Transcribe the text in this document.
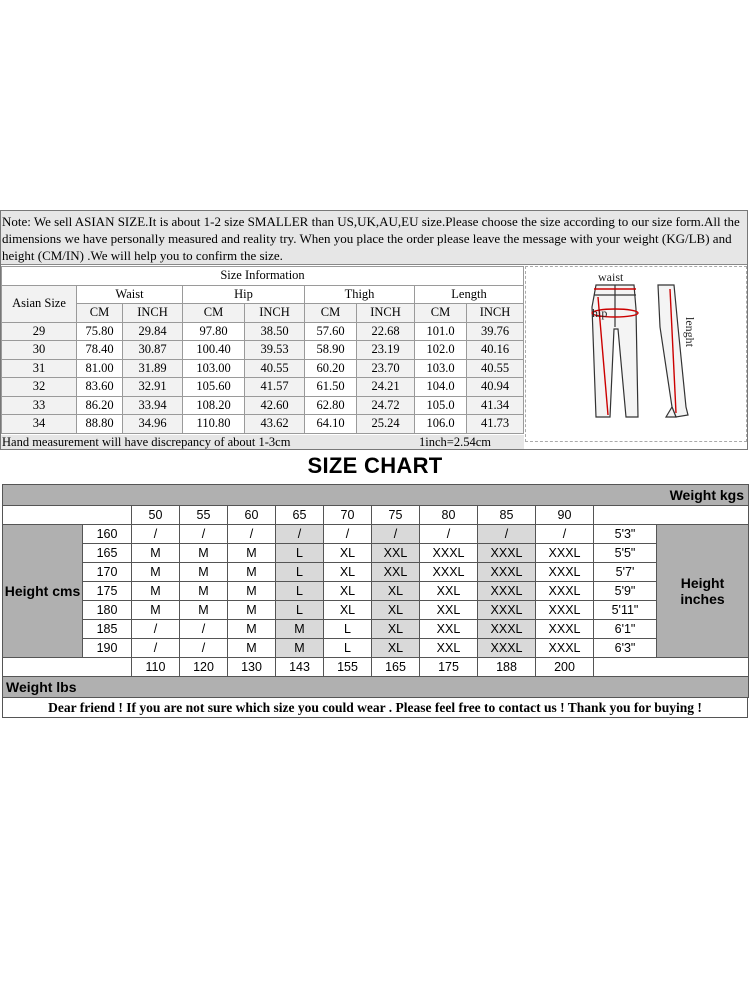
Note: We sell ASIAN SIZE.It is about 1-2 size SMALLER than US,UK,AU,EU size.Please choose the size according to our size form.All the dimensions we have personally measured and reality try. When you place the order please leave the message with your weight (KG/LB) and height (CM/IN) .We will help you to confirm the size.
Size Information								
Asian Size	Waist		Hip		Thigh		Length	
	CM	INCH	CM	INCH	CM	INCH	CM	INCH
29	75.80	29.84	97.80	38.50	57.60	22.68	101.0	39.76
30	78.40	30.87	100.40	39.53	58.90	23.19	102.0	40.16
31	81.00	31.89	103.00	40.55	60.20	23.70	103.0	40.55
32	83.60	32.91	105.60	41.57	61.50	24.21	104.0	40.94
33	86.20	33.94	108.20	42.60	62.80	24.72	105.0	41.34
34	88.80	34.96	110.80	43.62	64.10	25.24	106.0	41.73
Hand measurement will have discrepancy of about 1-3cm	1inch=2.54cm
waist
hip
lenght
SIZE CHART
Weight kgs												
		50	55	60	65	70	75	80	85	90		
Height cms	160	/	/	/	/	/	/	/	/	/	5'3"	Height inches
	165	M	M	M	L	XL	XXL	XXXL	XXXL	XXXL	5'5"	
	170	M	M	M	L	XL	XXL	XXXL	XXXL	XXXL	5'7'	
	175	M	M	M	L	XL	XL	XXL	XXXL	XXXL	5'9"	
	180	M	M	M	L	XL	XL	XXL	XXXL	XXXL	5'11"	
	185	/	/	M	M	L	XL	XXL	XXXL	XXXL	6'1"	
	190	/	/	M	M	L	XL	XXL	XXXL	XXXL	6'3"	
		110	120	130	143	155	165	175	188	200		
Weight lbs												
Dear friend ! If you are not sure which size you could wear . Please feel free to contact us ! Thank you for buying !
